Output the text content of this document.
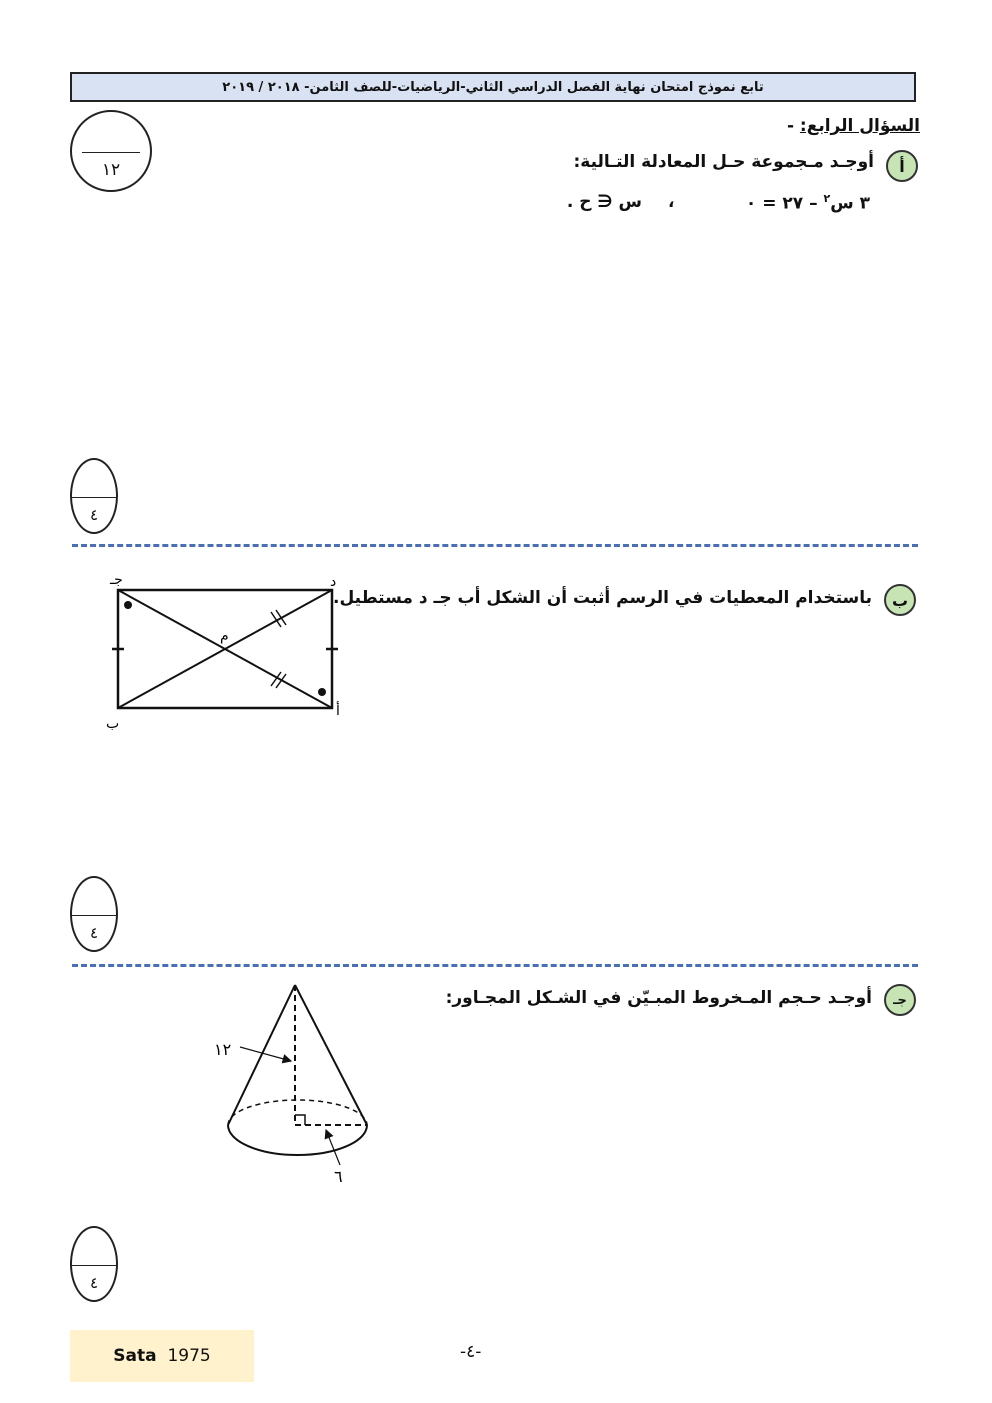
تابع نموذج امتحان نهاية الفصل الدراسي الثاني-الرياضيات-للصف الثامن- ٢٠١٨ / ٢٠١٩
١٢
السؤال الرابع: -
أ
أوجـد مـجموعة حـل المعادلة التـالية:
٣ س$^٢$ – ٢٧ = ٠
،
س ∈ ح .
٤
ب
باستخدام المعطيات في الرسم أثبت أن الشكل أب جـ د مستطيل.
جـ	د
ب
أ
م
٤
جـ
أوجـد حـجم المـخروط المبـيّن في الشـكل المجـاور:
١٢
٦
٤
Sata
1975	-٤-
